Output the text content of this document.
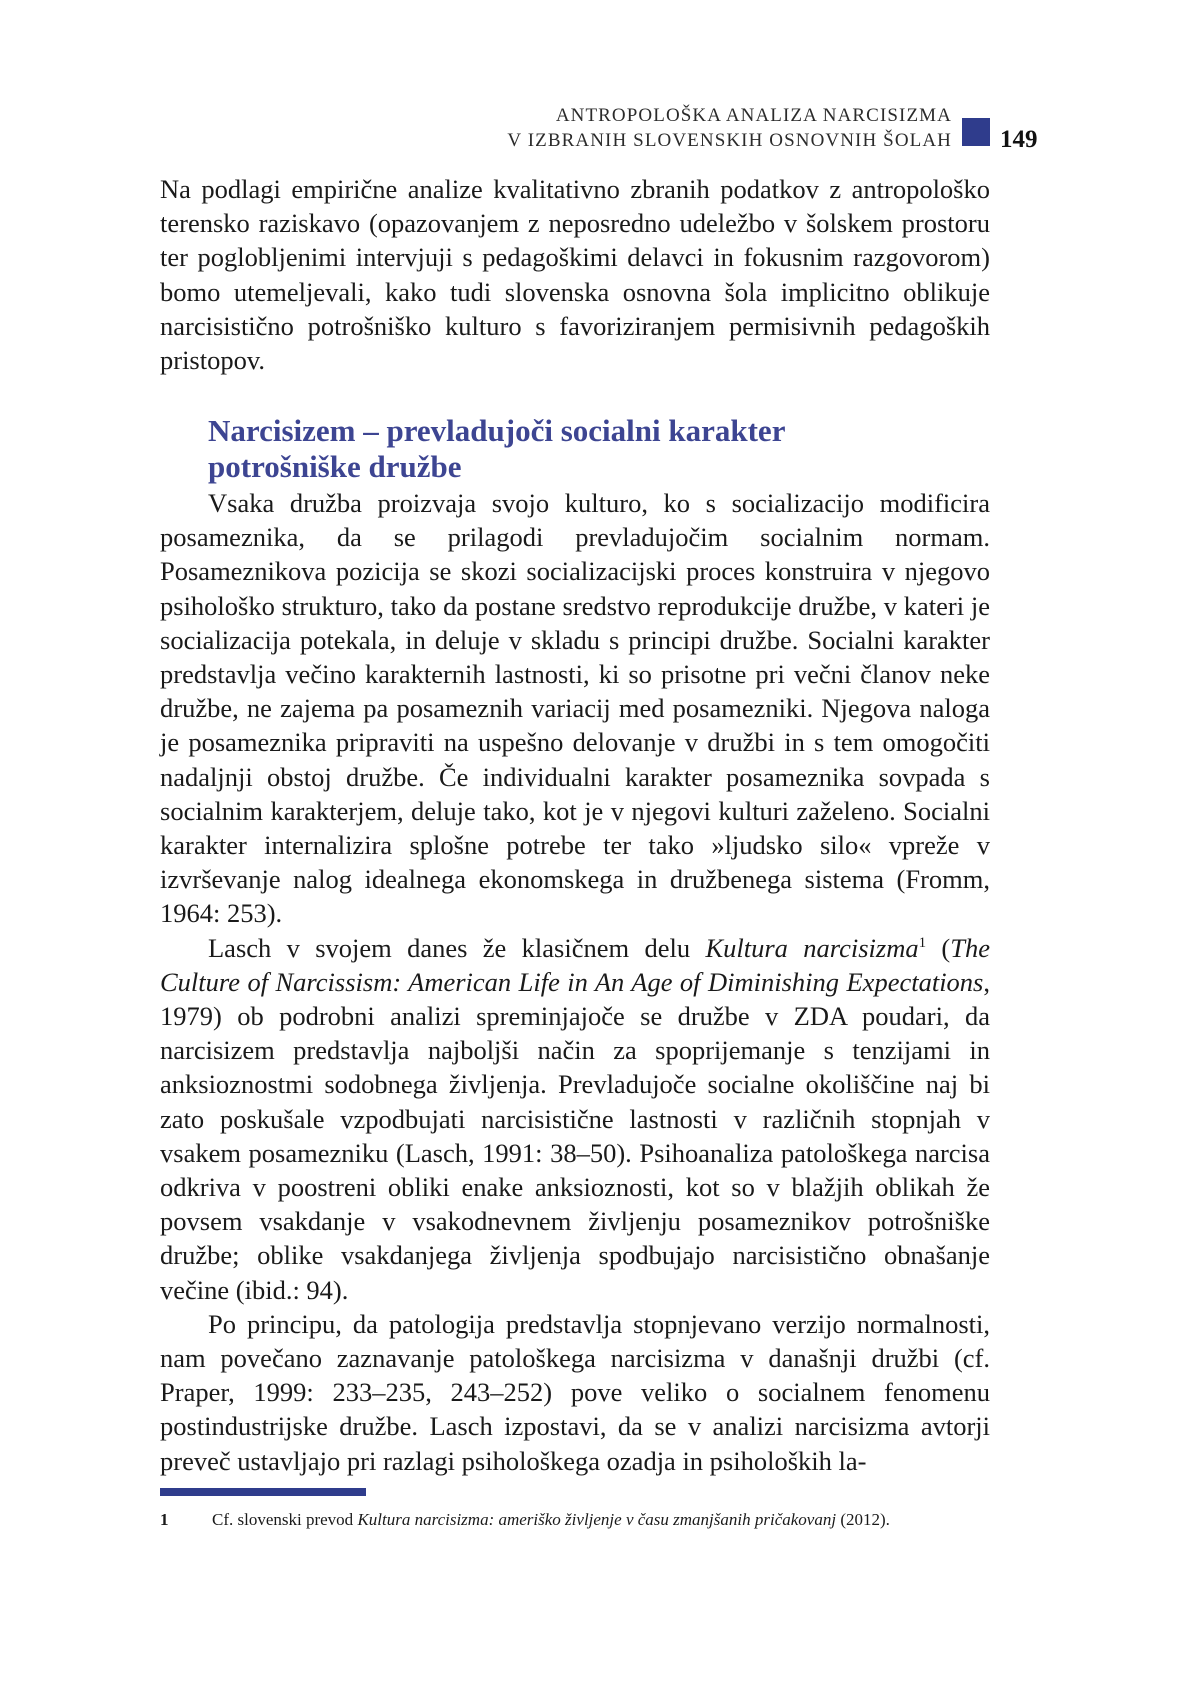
ANTROPOLOŠKA ANALIZA NARCISIZMA
V IZBRANIH SLOVENSKIH OSNOVNIH ŠOLAH 149

Na podlagi empirične analize kvalitativno zbranih podatkov z antropološko terensko raziskavo (opazovanjem z neposredno udeležbo v šolskem prostoru ter poglobljenimi intervjuji s pedagoškimi delavci in fokusnim razgovorom) bomo utemeljevali, kako tudi slovenska osnovna šola implicitno oblikuje narcisistično potrošniško kulturo s favoriziranjem permisivnih pedagoških pristopov.

Narcisizem – prevladujoči socialni karakter
potrošniške družbe

Vsaka družba proizvaja svojo kulturo, ko s socializacijo modificira posameznika, da se prilagodi prevladujočim socialnim normam. Posameznikova pozicija se skozi socializacijski proces konstruira v njegovo psihološko strukturo, tako da postane sredstvo reprodukcije družbe, v kateri je socializacija potekala, in deluje v skladu s principi družbe. Socialni karakter predstavlja večino karakternih lastnosti, ki so prisotne pri večni članov neke družbe, ne zajema pa posameznih variacij med posamezniki. Njegova naloga je posameznika pripraviti na uspešno delovanje v družbi in s tem omogočiti nadaljnji obstoj družbe. Če individualni karakter posameznika sovpada s socialnim karakterjem, deluje tako, kot je v njegovi kulturi zaželeno. Socialni karakter internalizira splošne potrebe ter tako »ljudsko silo« vpreže v izvrševanje nalog idealnega ekonomskega in družbenega sistema (Fromm, 1964: 253).

Lasch v svojem danes že klasičnem delu Kultura narcisizma$^1$ (The Culture of Narcissism: American Life in An Age of Diminishing Expectations, 1979) ob podrobni analizi spreminjajoče se družbe v ZDA poudari, da narcisizem predstavlja najboljši način za spoprijemanje s tenzijami in anksioznostmi sodobnega življenja. Prevladujoče socialne okoliščine naj bi zato poskušale vzpodbujati narcisistične lastnosti v različnih stopnjah v vsakem posamezniku (Lasch, 1991: 38–50). Psihoanaliza patološkega narcisa odkriva v poostreni obliki enake anksioznosti, kot so v blažjih oblikah že povsem vsakdanje v vsakodnevnem življenju posameznikov potrošniške družbe; oblike vsakdanjega življenja spodbujajo narcisistično obnašanje večine (ibid.: 94).

Po principu, da patologija predstavlja stopnjevano verzijo normalnosti, nam povečano zaznavanje patološkega narcisizma v današnji družbi (cf. Praper, 1999: 233–235, 243–252) pove veliko o socialnem fenomenu postindustrijske družbe. Lasch izpostavi, da se v analizi narcisizma avtorji preveč ustavljajo pri razlagi psihološkega ozadja in psiholoških la-

1	Cf. slovenski prevod Kultura narcisizma: ameriško življenje v času zmanjšanih pričakovanj (2012).
